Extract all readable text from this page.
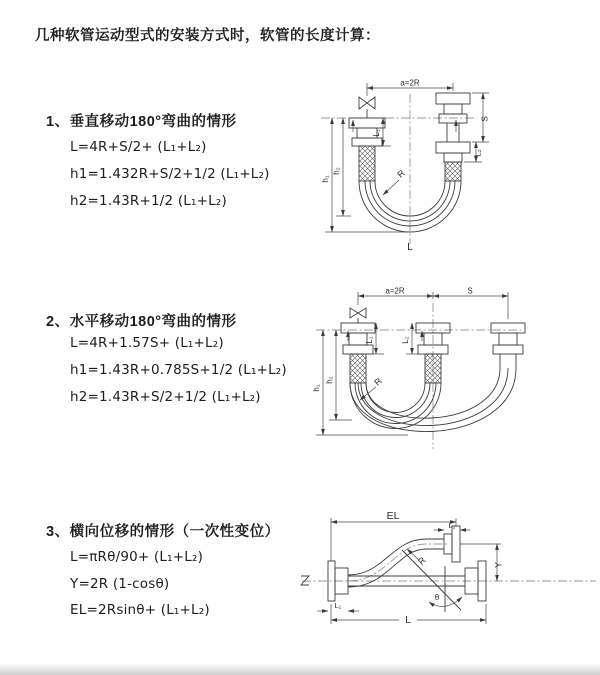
几种软管运动型式的安装方式时，软管的长度计算：
1、垂直移动180°弯曲的情形
L=4R+S/2+ (L₁+L₂)
h1=1.432R+S/2+1/2 (L₁+L₂)
h2=1.43R+1/2 (L₁+L₂)
a=2R
h₂
h₁
L₁
S
L₂
R
L
2、水平移动180°弯曲的情形
L=4R+1.57S+ (L₁+L₂)
h1=1.43R+0.785S+1/2 (L₁+L₂)
h2=1.43R+S/2+1/2 (L₁+L₂)
a=2R	S
h₂
h₁
L₁	L₂
R
3、横向位移的情形（一次性变位）
L=πRθ/90+ (L₁+L₂)
Y=2R (1-cosθ)
EL=2Rsinθ+ (L₁+L₂)
EL
L₂
Y
R
θ
L
L₁
